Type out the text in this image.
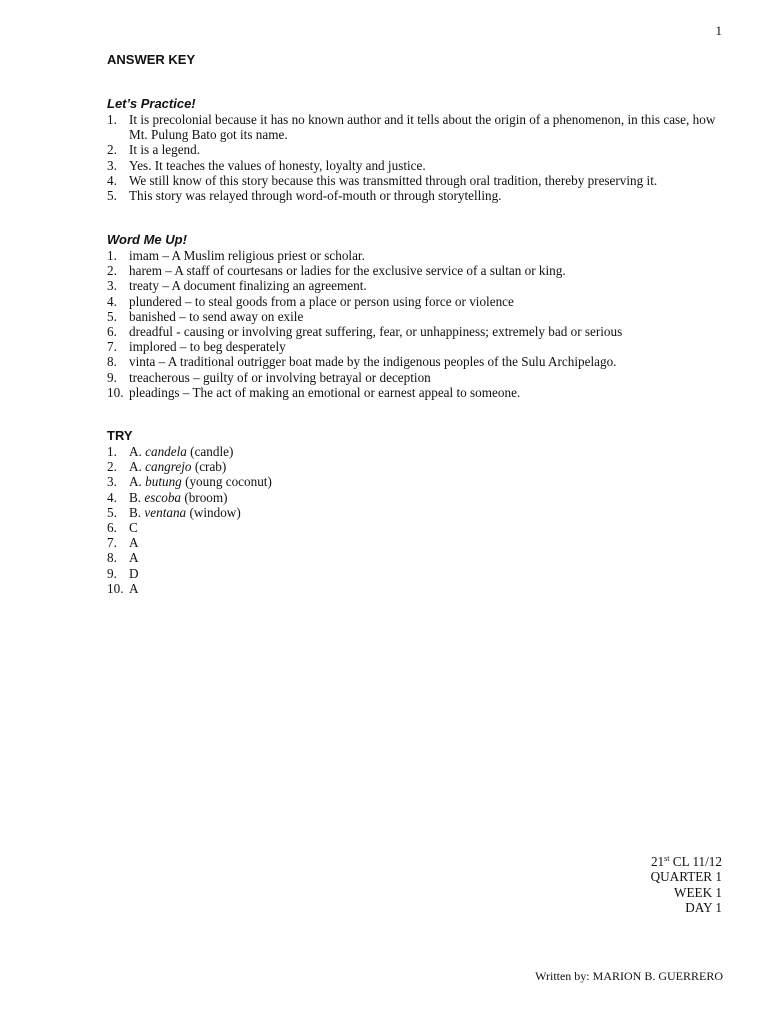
1
ANSWER KEY
Let’s Practice!
1. It is precolonial because it has no known author and it tells about the origin of a phenomenon, in this case, how Mt. Pulung Bato got its name.
2. It is a legend.
3. Yes. It teaches the values of honesty, loyalty and justice.
4. We still know of this story because this was transmitted through oral tradition, thereby preserving it.
5. This story was relayed through word-of-mouth or through storytelling.
Word Me Up!
1. imam – A Muslim religious priest or scholar.
2. harem – A staff of courtesans or ladies for the exclusive service of a sultan or king.
3. treaty – A document finalizing an agreement.
4. plundered – to steal goods from a place or person using force or violence
5. banished – to send away on exile
6. dreadful - causing or involving great suffering, fear, or unhappiness; extremely bad or serious
7. implored – to beg desperately
8. vinta – A traditional outrigger boat made by the indigenous peoples of the Sulu Archipelago.
9. treacherous – guilty of or involving betrayal or deception
10. pleadings – The act of making an emotional or earnest appeal to someone.
TRY
1. A. candela (candle)
2. A. cangrejo (crab)
3. A. butung (young coconut)
4. B. escoba (broom)
5. B. ventana (window)
6. C
7. A
8. A
9. D
10. A
21st CL 11/12
QUARTER 1
WEEK 1
DAY 1
Written by: MARION B. GUERRERO
